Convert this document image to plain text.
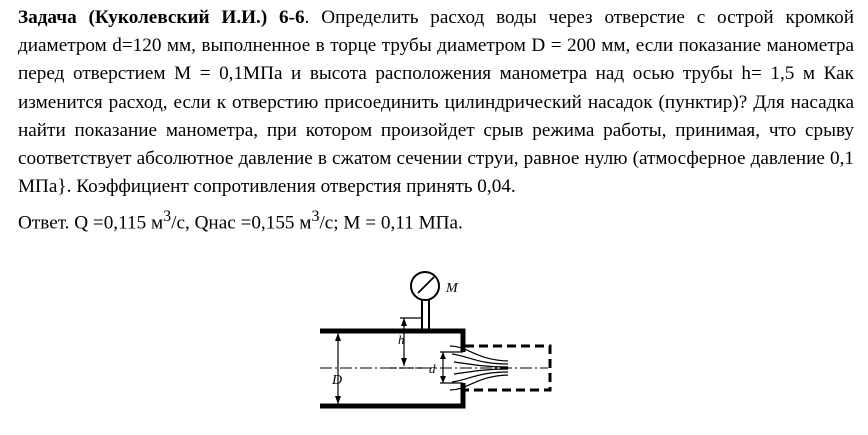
Задача (Куколевский И.И.) 6-6. Определить расход воды через отверстие с острой кромкой диаметром d=120 мм, выполненное в торце трубы диаметром D = 200 мм, если показание манометра перед отверстием M = 0,1МПа и высота расположения манометра над осью трубы h= 1,5 м Как изменится расход, если к отверстию присоединить цилиндрический насадок (пунктир)? Для насадка найти показание манометра, при котором произойдет срыв режима работы, принимая, что срыву соответствует абсолютное давление в сжатом сечении струи, равное нулю (атмосферное давление 0,1 МПа}. Коэффициент сопротивления отверстия принять 0,04.

Ответ. Q =0,115 $м^3/с$, Qнас =0,155 $м^3/с$; M = 0,11 МПа.

M
h
D
d
